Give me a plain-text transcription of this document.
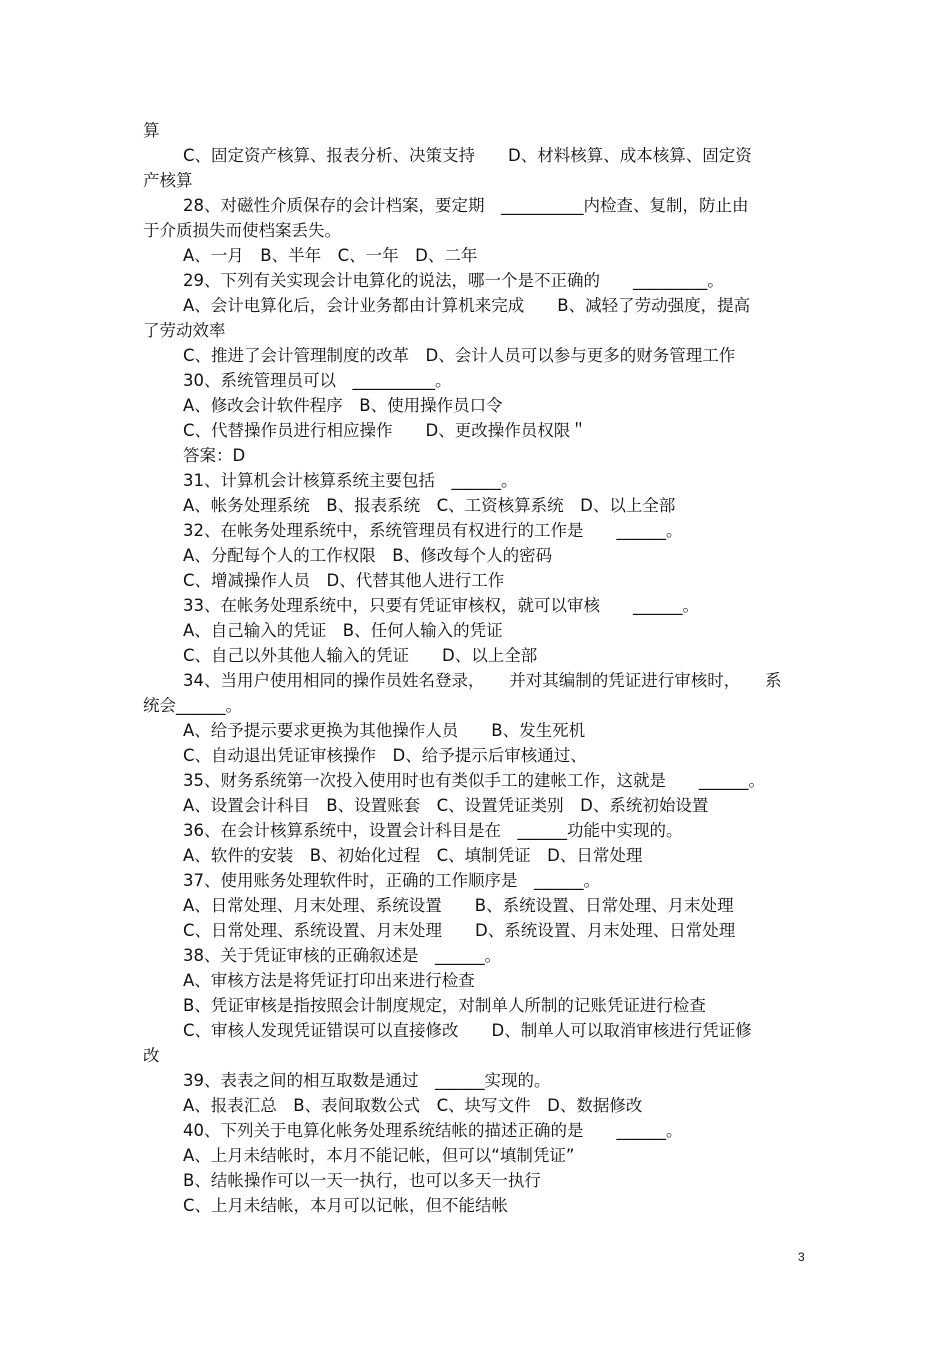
算
C、固定资产核算、报表分析、决策支持　　D、材料核算、成本核算、固定资
产核算
28、对磁性介质保存的会计档案，要定期　__________内检查、复制，防止由
于介质损失而使档案丢失。
A、一月　B、半年　C、一年　D、二年
29、下列有关实现会计电算化的说法，哪一个是不正确的　　_________。
A、会计电算化后，会计业务都由计算机来完成　　B、减轻了劳动强度，提高
了劳动效率
C、推进了会计管理制度的改革　D、会计人员可以参与更多的财务管理工作
30、系统管理员可以　__________。
A、修改会计软件程序　B、使用操作员口令
C、代替操作员进行相应操作　　D、更改操作员权限＂
答案：D
31、计算机会计核算系统主要包括　______。
A、帐务处理系统　B、报表系统　C、工资核算系统　D、以上全部
32、在帐务处理系统中，系统管理员有权进行的工作是　　______。
A、分配每个人的工作权限　B、修改每个人的密码
C、增减操作人员　D、代替其他人进行工作
33、在帐务处理系统中，只要有凭证审核权，就可以审核　　______。
A、自己输入的凭证　B、任何人输入的凭证
C、自己以外其他人输入的凭证　　D、以上全部
34、当用户使用相同的操作员姓名登录，　　并对其编制的凭证进行审核时，　　系
统会______。
A、给予提示要求更换为其他操作人员　　B、发生死机
C、自动退出凭证审核操作　D、给予提示后审核通过、
35、财务系统第一次投入使用时也有类似手工的建帐工作，这就是　　______。
A、设置会计科目　B、设置账套　C、设置凭证类别　D、系统初始设置
36、在会计核算系统中，设置会计科目是在　______功能中实现的。
A、软件的安装　B、初始化过程　C、填制凭证　D、日常处理
37、使用账务处理软件时，正确的工作顺序是　______。
A、日常处理、月末处理、系统设置　　B、系统设置、日常处理、月末处理
C、日常处理、系统设置、月末处理　　D、系统设置、月末处理、日常处理
38、关于凭证审核的正确叙述是　______。
A、审核方法是将凭证打印出来进行检查
B、凭证审核是指按照会计制度规定，对制单人所制的记账凭证进行检查
C、审核人发现凭证错误可以直接修改　　D、制单人可以取消审核进行凭证修
改
39、表表之间的相互取数是通过　______实现的。
A、报表汇总　B、表间取数公式　C、块写文件　D、数据修改
40、下列关于电算化帐务处理系统结帐的描述正确的是　　______。
A、上月未结帐时，本月不能记帐，但可以“填制凭证”
B、结帐操作可以一天一执行，也可以多天一执行
C、上月未结帐，本月可以记帐，但不能结帐
3
